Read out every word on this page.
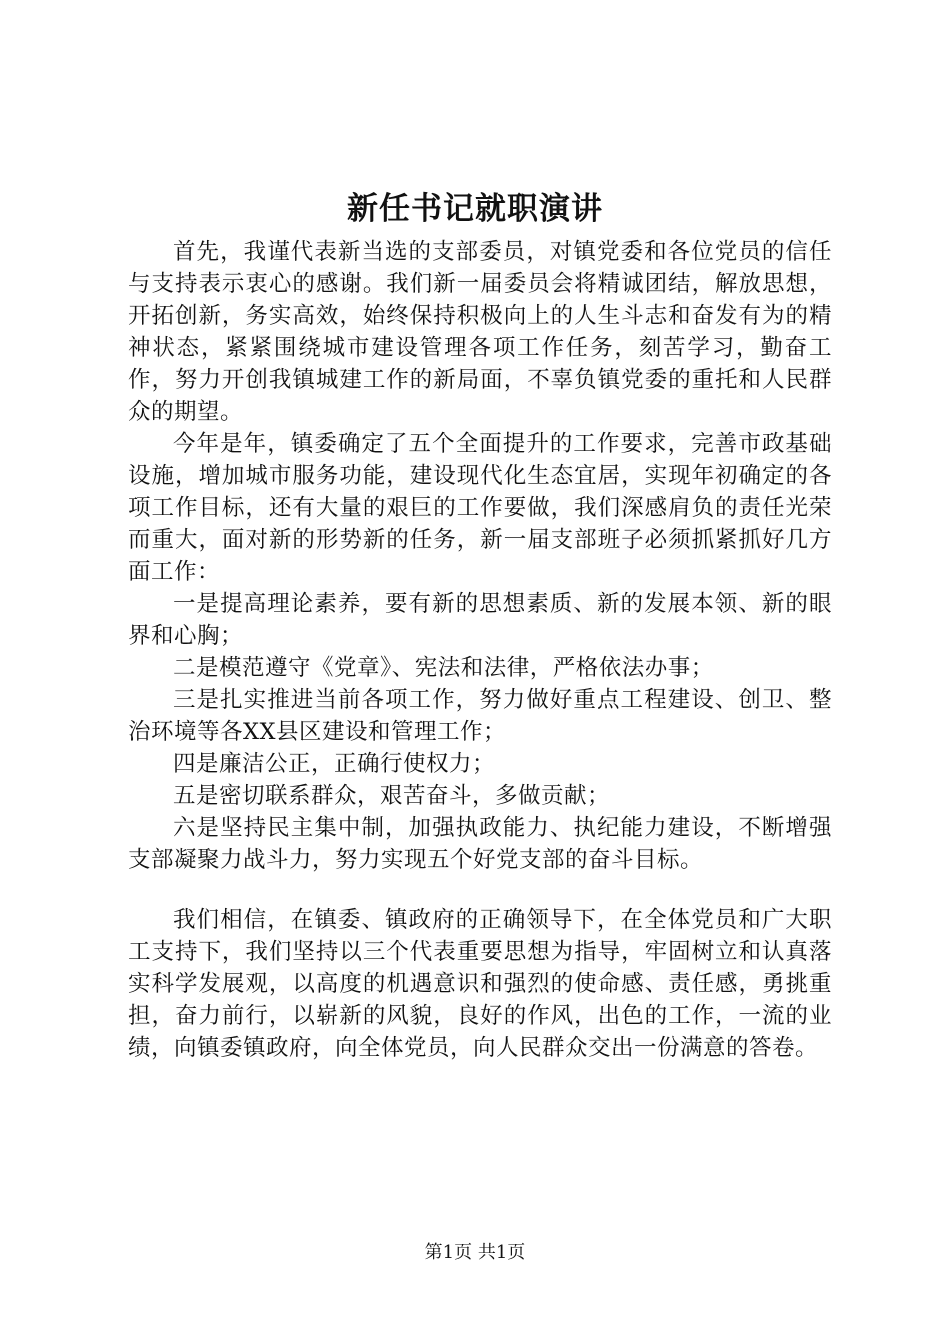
新任书记就职演讲

首先，我谨代表新当选的支部委员，对镇党委和各位党员的信任与支持表示衷心的感谢。我们新一届委员会将精诚团结，解放思想，开拓创新，务实高效，始终保持积极向上的人生斗志和奋发有为的精神状态，紧紧围绕城市建设管理各项工作任务，刻苦学习，勤奋工作，努力开创我镇城建工作的新局面，不辜负镇党委的重托和人民群众的期望。

今年是年，镇委确定了五个全面提升的工作要求，完善市政基础设施，增加城市服务功能，建设现代化生态宜居，实现年初确定的各项工作目标，还有大量的艰巨的工作要做，我们深感肩负的责任光荣而重大，面对新的形势新的任务，新一届支部班子必须抓紧抓好几方面工作：

一是提高理论素养，要有新的思想素质、新的发展本领、新的眼界和心胸；

二是模范遵守《党章》、宪法和法律，严格依法办事；

三是扎实推进当前各项工作，努力做好重点工程建设、创卫、整治环境等各XX县区建设和管理工作；

四是廉洁公正，正确行使权力；

五是密切联系群众，艰苦奋斗，多做贡献；

六是坚持民主集中制，加强执政能力、执纪能力建设，不断增强支部凝聚力战斗力，努力实现五个好党支部的奋斗目标。

我们相信，在镇委、镇政府的正确领导下，在全体党员和广大职工支持下，我们坚持以三个代表重要思想为指导，牢固树立和认真落实科学发展观，以高度的机遇意识和强烈的使命感、责任感，勇挑重担，奋力前行，以崭新的风貌，良好的作风，出色的工作，一流的业绩，向镇委镇政府，向全体党员，向人民群众交出一份满意的答卷。

第1页 共1页
